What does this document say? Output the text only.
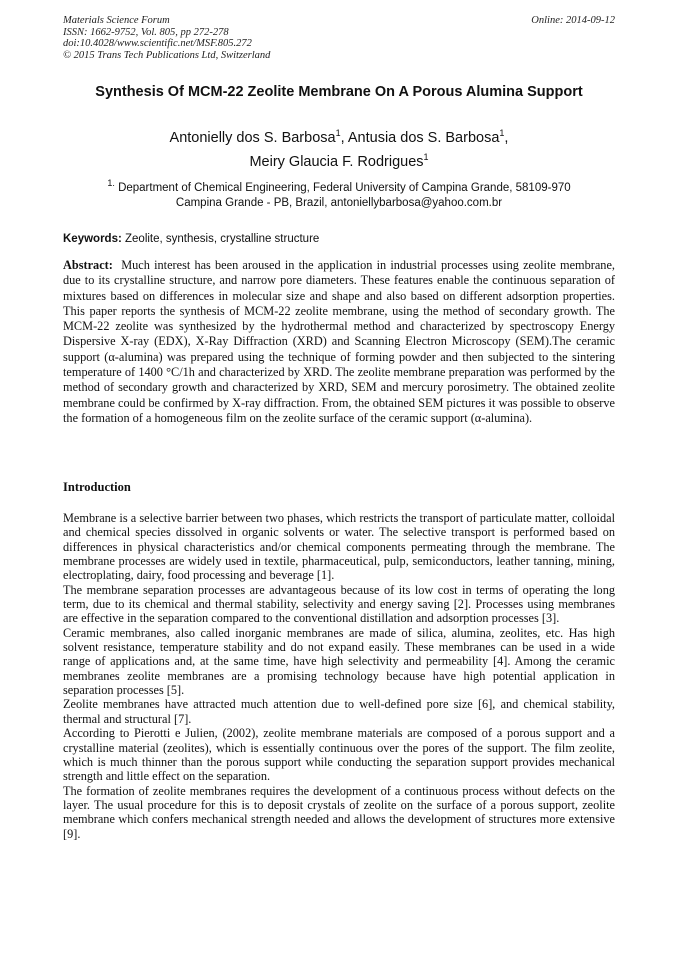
Materials Science Forum
ISSN: 1662-9752, Vol. 805, pp 272-278
doi:10.4028/www.scientific.net/MSF.805.272
© 2015 Trans Tech Publications Ltd, Switzerland
Online: 2014-09-12
Synthesis Of MCM-22 Zeolite Membrane On A Porous Alumina Support
Antonielly dos S. Barbosa$^1$, Antusia dos S. Barbosa$^1$,
Meiry Glaucia F. Rodrigues$^1$
$^{1.}$ Department of Chemical Engineering, Federal University of Campina Grande, 58109-970
Campina Grande - PB, Brazil, antoniellybarbosa@yahoo.com.br
Keywords: Zeolite, synthesis, crystalline structure
Abstract: Much interest has been aroused in the application in industrial processes using zeolite membrane, due to its crystalline structure, and narrow pore diameters. These features enable the continuous separation of mixtures based on differences in molecular size and shape and also based on different adsorption properties. This paper reports the synthesis of MCM-22 zeolite membrane, using the method of secondary growth. The MCM-22 zeolite was synthesized by the hydrothermal method and characterized by spectroscopy Energy Dispersive X-ray (EDX), X-Ray Diffraction (XRD) and Scanning Electron Microscopy (SEM).The ceramic support (α-alumina) was prepared using the technique of forming powder and then subjected to the sintering temperature of 1400 °C/1h and characterized by XRD. The zeolite membrane preparation was performed by the method of secondary growth and characterized by XRD, SEM and mercury porosimetry. The obtained zeolite membrane could be confirmed by X-ray diffraction. From, the obtained SEM pictures it was possible to observe the formation of a homogeneous film on the zeolite surface of the ceramic support (α-alumina).
Introduction

Membrane is a selective barrier between two phases, which restricts the transport of particulate matter, colloidal and chemical species dissolved in organic solvents or water. The selective transport is performed based on differences in physical characteristics and/or chemical components permeating through the membrane. The membrane processes are widely used in textile, pharmaceutical, pulp, semiconductors, leather tanning, mining, electroplating, dairy, food processing and beverage [1].

The membrane separation processes are advantageous because of its low cost in terms of operating the long term, due to its chemical and thermal stability, selectivity and energy saving [2]. Processes using membranes are effective in the separation compared to the conventional distillation and adsorption processes [3].

Ceramic membranes, also called inorganic membranes are made of silica, alumina, zeolites, etc. Has high solvent resistance, temperature stability and do not expand easily. These membranes can be used in a wide range of applications and, at the same time, have high selectivity and permeability [4]. Among the ceramic membranes zeolite membranes are a promising technology because have high potential application in separation processes [5].

Zeolite membranes have attracted much attention due to well-defined pore size [6], and chemical stability, thermal and structural [7].

According to Pierotti e Julien, (2002), zeolite membrane materials are composed of a porous support and a crystalline material (zeolites), which is essentially continuous over the pores of the support. The film zeolite, which is much thinner than the porous support while conducting the separation support provides mechanical strength and little effect on the separation.

The formation of zeolite membranes requires the development of a continuous process without defects on the layer. The usual procedure for this is to deposit crystals of zeolite on the surface of a porous support, zeolite membrane which confers mechanical strength needed and allows the development of structures more extensive [9].
